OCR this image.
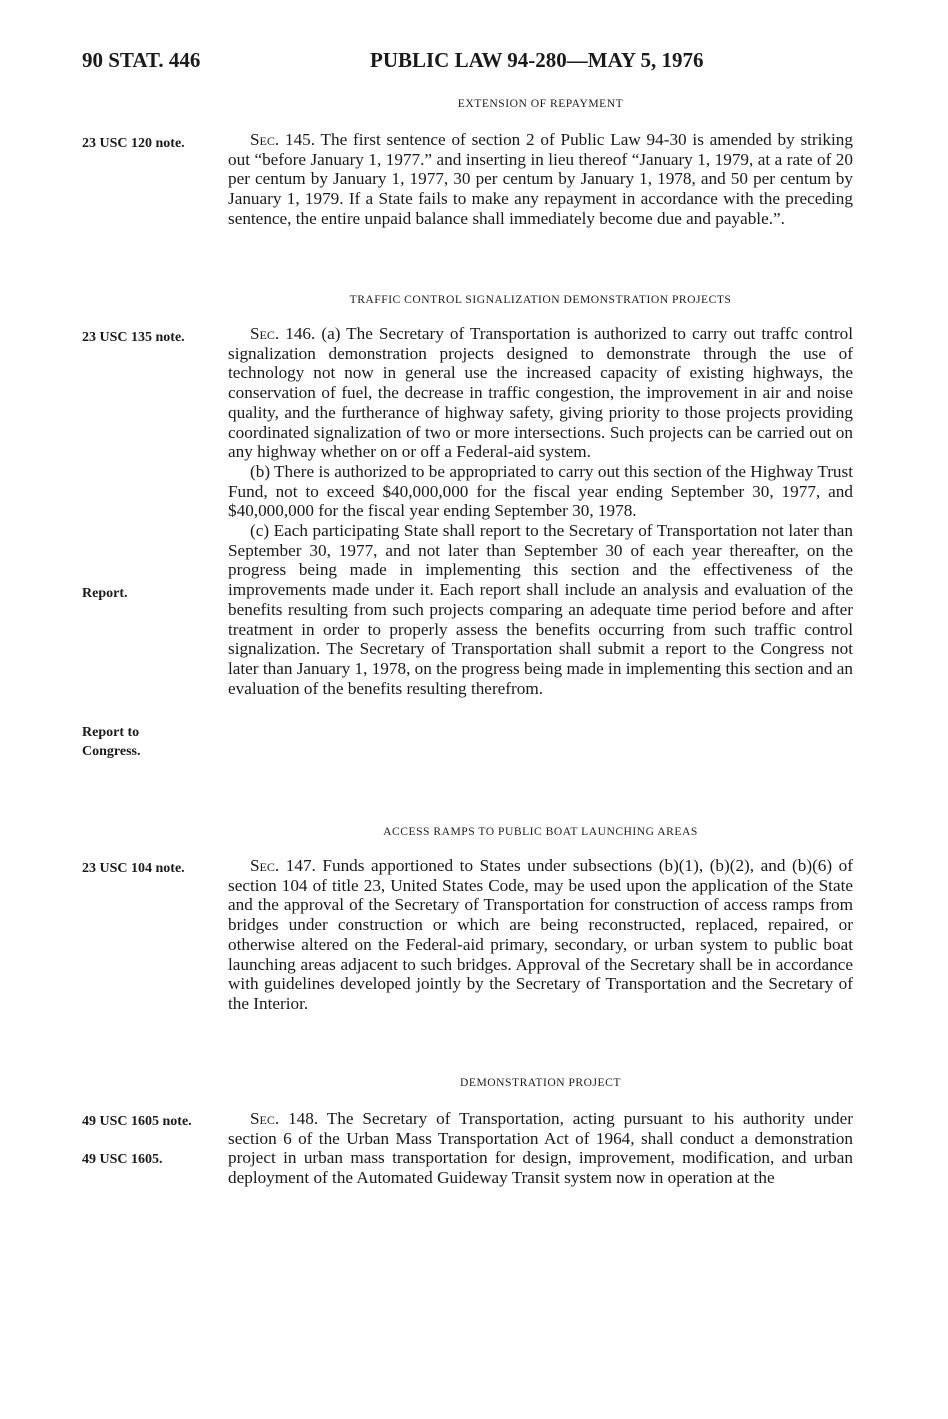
90 STAT. 446	PUBLIC LAW 94-280—MAY 5, 1976
EXTENSION OF REPAYMENT
23 USC 120 note.	Sec. 145. The first sentence of section 2 of Public Law 94-30 is amended by striking out “before January 1, 1977.” and inserting in lieu thereof “January 1, 1979, at a rate of 20 per centum by January 1, 1977, 30 per centum by January 1, 1978, and 50 per centum by January 1, 1979. If a State fails to make any repayment in accordance with the preceding sentence, the entire unpaid balance shall immediately become due and payable.”.

TRAFFIC CONTROL SIGNALIZATION DEMONSTRATION PROJECTS
23 USC 135 note.
Report.
Report to Congress.

Sec. 146. (a) The Secretary of Transportation is authorized to carry out traffc control signalization demonstration projects designed to demonstrate through the use of technology not now in general use the increased capacity of existing highways, the conservation of fuel, the decrease in traffic congestion, the improvement in air and noise quality, and the furtherance of highway safety, giving priority to those projects providing coordinated signalization of two or more intersections. Such projects can be carried out on any highway whether on or off a Federal-aid system.

(b) There is authorized to be appropriated to carry out this section of the Highway Trust Fund, not to exceed $40,000,000 for the fiscal year ending September 30, 1977, and $40,000,000 for the fiscal year ending September 30, 1978.

(c) Each participating State shall report to the Secretary of Transportation not later than September 30, 1977, and not later than September 30 of each year thereafter, on the progress being made in implementing this section and the effectiveness of the improvements made under it. Each report shall include an analysis and evaluation of the benefits resulting from such projects comparing an adequate time period before and after treatment in order to properly assess the benefits occurring from such traffic control signalization. The Secretary of Transportation shall submit a report to the Congress not later than January 1, 1978, on the progress being made in implementing this section and an evaluation of the benefits resulting therefrom.

ACCESS RAMPS TO PUBLIC BOAT LAUNCHING AREAS
23 USC 104 note.	Sec. 147. Funds apportioned to States under subsections (b)(1), (b)(2), and (b)(6) of section 104 of title 23, United States Code, may be used upon the application of the State and the approval of the Secretary of Transportation for construction of access ramps from bridges under construction or which are being reconstructed, replaced, repaired, or otherwise altered on the Federal-aid primary, secondary, or urban system to public boat launching areas adjacent to such bridges. Approval of the Secretary shall be in accordance with guidelines developed jointly by the Secretary of Transportation and the Secretary of the Interior.

DEMONSTRATION PROJECT
49 USC 1605 note.
49 USC 1605.

Sec. 148. The Secretary of Transportation, acting pursuant to his authority under section 6 of the Urban Mass Transportation Act of 1964, shall conduct a demonstration project in urban mass transportation for design, improvement, modification, and urban deployment of the Automated Guideway Transit system now in operation at the
